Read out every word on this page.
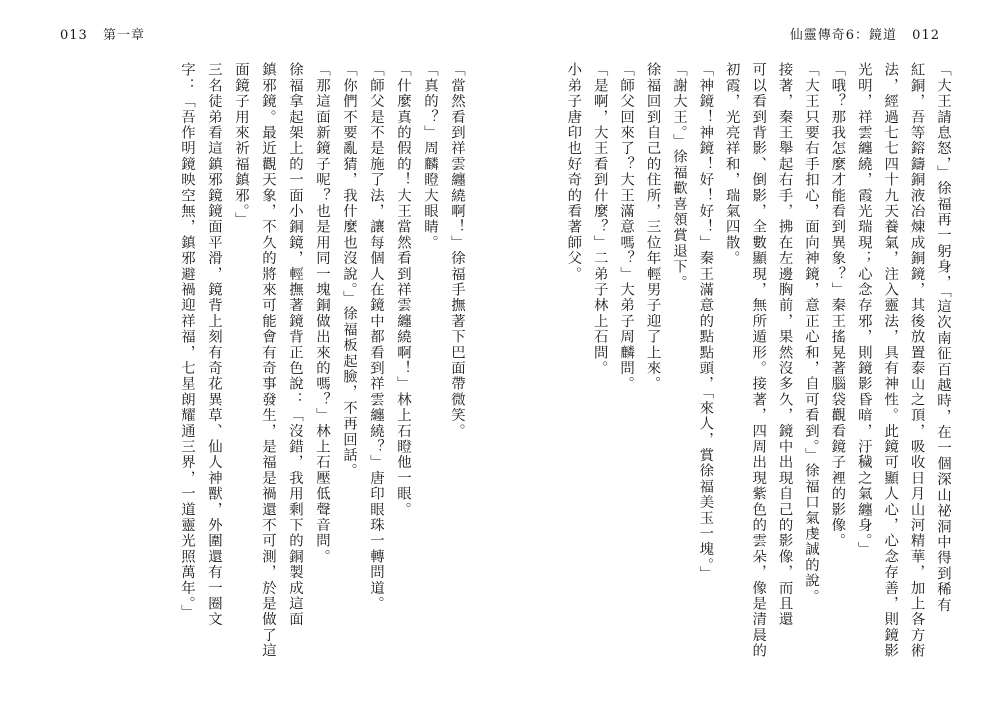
013 第一章	仙靈傳奇6：鏡道 012
「大王請息怒，」徐福再一躬身，「這次南征百越時，在一個深山祕洞中得到稀有
紅銅，吾等鎔鑄銅液冶煉成銅鏡，其後放置泰山之頂，吸收日月山河精華，加上各方術
法，經過七七四十九天養氣，注入靈法，具有神性。此鏡可顯人心，心念存善，則鏡影
光明，祥雲纏繞，霞光瑞現；心念存邪，則鏡影昏暗，汙穢之氣纏身。」
「哦？那我怎麼才能看到異象？」秦王搖晃著腦袋觀看鏡子裡的影像。
「大王只要右手扣心，面向神鏡，意正心和，自可看到。」徐福口氣虔誠的說。
接著，秦王舉起右手，拂在左邊胸前，果然沒多久，鏡中出現自己的影像，而且還
可以看到背影、倒影，全數顯現，無所遁形。接著，四周出現紫色的雲朵，像是清晨的
初霞，光亮祥和，瑞氣四散。
「神鏡！神鏡！好！好！」秦王滿意的點點頭，「來人，賞徐福美玉一塊。」
「謝大王。」徐福歡喜領賞退下。
徐福回到自己的住所，三位年輕男子迎了上來。
「師父回來了？大王滿意嗎？」大弟子周麟問。
「是啊，大王看到什麼？」二弟子林上石問。
小弟子唐印也好奇的看著師父。
「當然看到祥雲纏繞啊！」徐福手撫著下巴面帶微笑。
「真的？」周麟瞪大眼睛。
「什麼真的假的！大王當然看到祥雲纏繞啊！」林上石瞪他一眼。
「師父是不是施了法，讓每個人在鏡中都看到祥雲纏繞？」唐印眼珠一轉問道。
「你們不要亂猜，我什麼也沒說。」徐福板起臉，不再回話。
「那這面新鏡子呢？也是用同一塊銅做出來的嗎？」林上石壓低聲音問。
徐福拿起架上的一面小銅鏡，輕撫著鏡背正色說：「沒錯，我用剩下的銅製成這面
鎮邪鏡。最近觀天象，不久的將來可能會有奇事發生，是福是禍還不可測，於是做了這
面鏡子用來祈福鎮邪。」
三名徒弟看這鎮邪鏡鏡面平滑，鏡背上刻有奇花異草、仙人神獸，外圍還有一圈文
字：「吾作明鏡映空無，鎮邪避禍迎祥福，七星朗耀通三界，一道靈光照萬年。」
